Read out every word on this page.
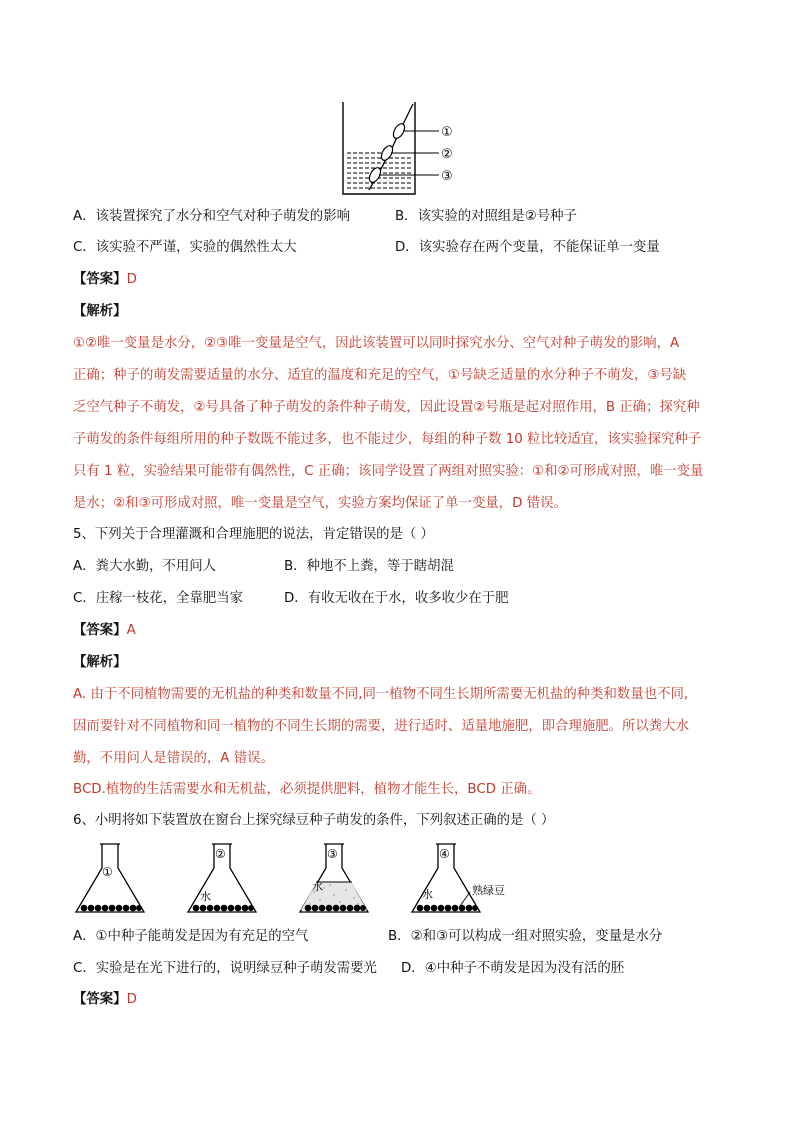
①
②
③
A．该装置探究了水分和空气对种子萌发的影响	B．该实验的对照组是②号种子
C．该实验不严谨，实验的偶然性太大	D．该实验存在两个变量，不能保证单一变量
【答案】D
【解析】
①②唯一变量是水分，②③唯一变量是空气，因此该装置可以同时探究水分、空气对种子萌发的影响，A
正确；种子的萌发需要适量的水分、适宜的温度和充足的空气，①号缺乏适量的水分种子不萌发，③号缺
乏空气种子不萌发，②号具备了种子萌发的条件种子萌发，因此设置②号瓶是起对照作用，B 正确；探究种
子萌发的条件每组所用的种子数既不能过多，也不能过少，每组的种子数 10 粒比较适宜，该实验探究种子
只有 1 粒，实验结果可能带有偶然性，C 正确；该同学设置了两组对照实验：①和②可形成对照，唯一变量
是水；②和③可形成对照，唯一变量是空气，实验方案均保证了单一变量，D 错误。
5、下列关于合理灌溉和合理施肥的说法，肯定错误的是（ ）
A．粪大水勤，不用问人	B．种地不上粪，等于瞎胡混
C．庄稼一枝花，全靠肥当家	D．有收无收在于水，收多收少在于肥
【答案】A
【解析】
A. 由于不同植物需要的无机盐的种类和数量不同,同一植物不同生长期所需要无机盐的种类和数量也不同,
因而要针对不同植物和同一植物的不同生长期的需要，进行适时、适量地施肥，即合理施肥。所以粪大水
勤，不用问人是错误的，A 错误。
BCD.植物的生活需要水和无机盐，必须提供肥料，植物才能生长，BCD 正确。
6、小明将如下装置放在窗台上探究绿豆种子萌发的条件，下列叙述正确的是（ ）
①
②
水
③
水
④
水	熟绿豆
A．①中种子能萌发是因为有充足的空气	B．②和③可以构成一组对照实验，变量是水分
C．实验是在光下进行的，说明绿豆种子萌发需要光 D．④中种子不萌发是因为没有活的胚
【答案】D
